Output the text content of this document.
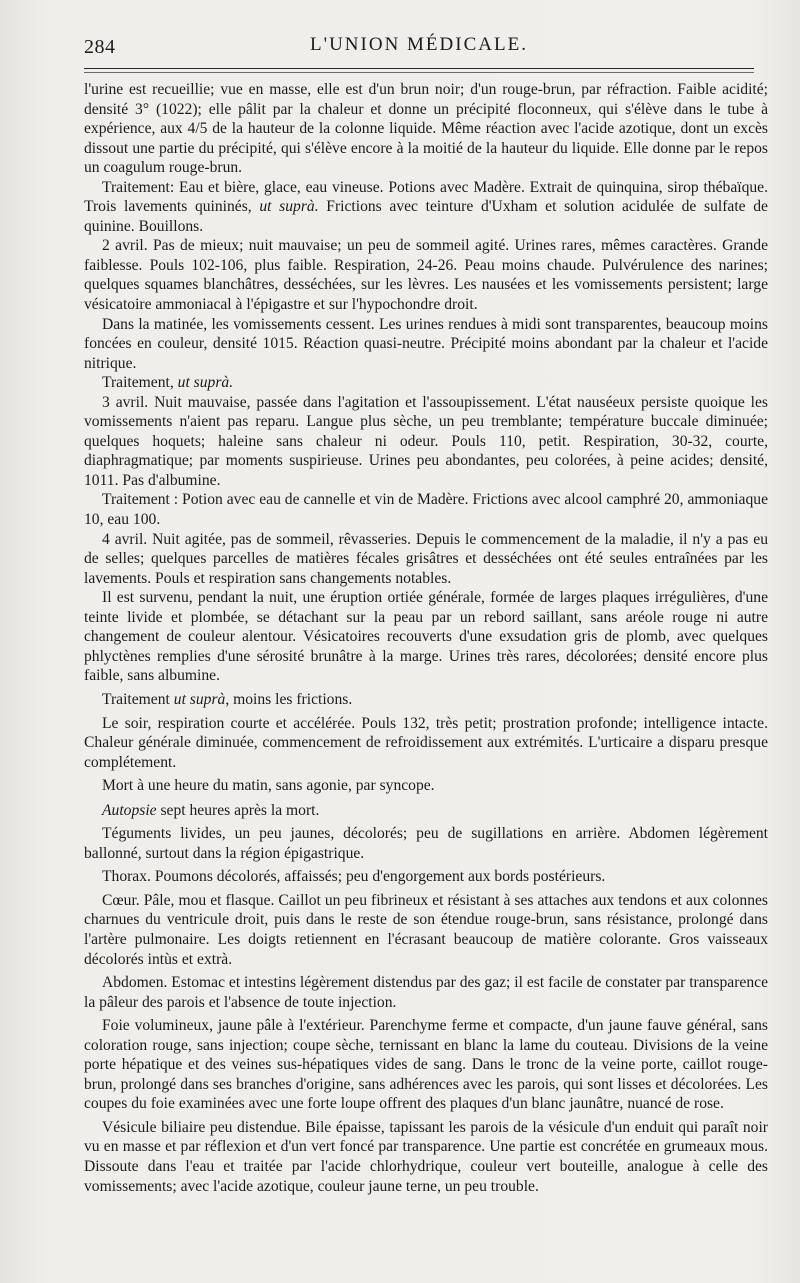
284	L'UNION MÉDICALE.

l'urine est recueillie; vue en masse, elle est d'un brun noir; d'un rouge-brun, par réfraction. Faible acidité; densité 3° (1022); elle pâlit par la chaleur et donne un précipité floconneux, qui s'élève dans le tube à expérience, aux 4/5 de la hauteur de la colonne liquide. Même réaction avec l'acide azotique, dont un excès dissout une partie du précipité, qui s'élève encore à la moitié de la hauteur du liquide. Elle donne par le repos un coagulum rouge-brun.

Traitement: Eau et bière, glace, eau vineuse. Potions avec Madère. Extrait de quinquina, sirop thébaïque. Trois lavements quininés, ut suprà. Frictions avec teinture d'Uxham et solution acidulée de sulfate de quinine. Bouillons.

2 avril. Pas de mieux; nuit mauvaise; un peu de sommeil agité. Urines rares, mêmes caractères. Grande faiblesse. Pouls 102-106, plus faible. Respiration, 24-26. Peau moins chaude. Pulvérulence des narines; quelques squames blanchâtres, desséchées, sur les lèvres. Les nausées et les vomissements persistent; large vésicatoire ammoniacal à l'épigastre et sur l'hypochondre droit.

Dans la matinée, les vomissements cessent. Les urines rendues à midi sont transparentes, beaucoup moins foncées en couleur, densité 1015. Réaction quasi-neutre. Précipité moins abondant par la chaleur et l'acide nitrique.

Traitement, ut suprà.

3 avril. Nuit mauvaise, passée dans l'agitation et l'assoupissement. L'état nauséeux persiste quoique les vomissements n'aient pas reparu. Langue plus sèche, un peu tremblante; température buccale diminuée; quelques hoquets; haleine sans chaleur ni odeur. Pouls 110, petit. Respiration, 30-32, courte, diaphragmatique; par moments suspirieuse. Urines peu abondantes, peu colorées, à peine acides; densité, 1011. Pas d'albumine.

Traitement : Potion avec eau de cannelle et vin de Madère. Frictions avec alcool camphré 20, ammoniaque 10, eau 100.

4 avril. Nuit agitée, pas de sommeil, rêvasseries. Depuis le commencement de la maladie, il n'y a pas eu de selles; quelques parcelles de matières fécales grisâtres et desséchées ont été seules entraînées par les lavements. Pouls et respiration sans changements notables.

Il est survenu, pendant la nuit, une éruption ortiée générale, formée de larges plaques irrégulières, d'une teinte livide et plombée, se détachant sur la peau par un rebord saillant, sans aréole rouge ni autre changement de couleur alentour. Vésicatoires recouverts d'une exsudation gris de plomb, avec quelques phlyctènes remplies d'une sérosité brunâtre à la marge. Urines très rares, décolorées; densité encore plus faible, sans albumine.

Traitement ut suprà, moins les frictions.

Le soir, respiration courte et accélérée. Pouls 132, très petit; prostration profonde; intelligence intacte. Chaleur générale diminuée, commencement de refroidissement aux extrémités. L'urticaire a disparu presque complétement.

Mort à une heure du matin, sans agonie, par syncope.

Autopsie sept heures après la mort.

Téguments livides, un peu jaunes, décolorés; peu de sugillations en arrière. Abdomen légèrement ballonné, surtout dans la région épigastrique.

Thorax. Poumons décolorés, affaissés; peu d'engorgement aux bords postérieurs.

Cœur. Pâle, mou et flasque. Caillot un peu fibrineux et résistant à ses attaches aux tendons et aux colonnes charnues du ventricule droit, puis dans le reste de son étendue rouge-brun, sans résistance, prolongé dans l'artère pulmonaire. Les doigts retiennent en l'écrasant beaucoup de matière colorante. Gros vaisseaux décolorés intùs et extrà.

Abdomen. Estomac et intestins légèrement distendus par des gaz; il est facile de constater par transparence la pâleur des parois et l'absence de toute injection.

Foie volumineux, jaune pâle à l'extérieur. Parenchyme ferme et compacte, d'un jaune fauve général, sans coloration rouge, sans injection; coupe sèche, ternissant en blanc la lame du couteau. Divisions de la veine porte hépatique et des veines sus-hépatiques vides de sang. Dans le tronc de la veine porte, caillot rouge-brun, prolongé dans ses branches d'origine, sans adhérences avec les parois, qui sont lisses et décolorées. Les coupes du foie examinées avec une forte loupe offrent des plaques d'un blanc jaunâtre, nuancé de rose.

Vésicule biliaire peu distendue. Bile épaisse, tapissant les parois de la vésicule d'un enduit qui paraît noir vu en masse et par réflexion et d'un vert foncé par transparence. Une partie est concrétée en grumeaux mous. Dissoute dans l'eau et traitée par l'acide chlorhydrique, couleur vert bouteille, analogue à celle des vomissements; avec l'acide azotique, couleur jaune terne, un peu trouble.
